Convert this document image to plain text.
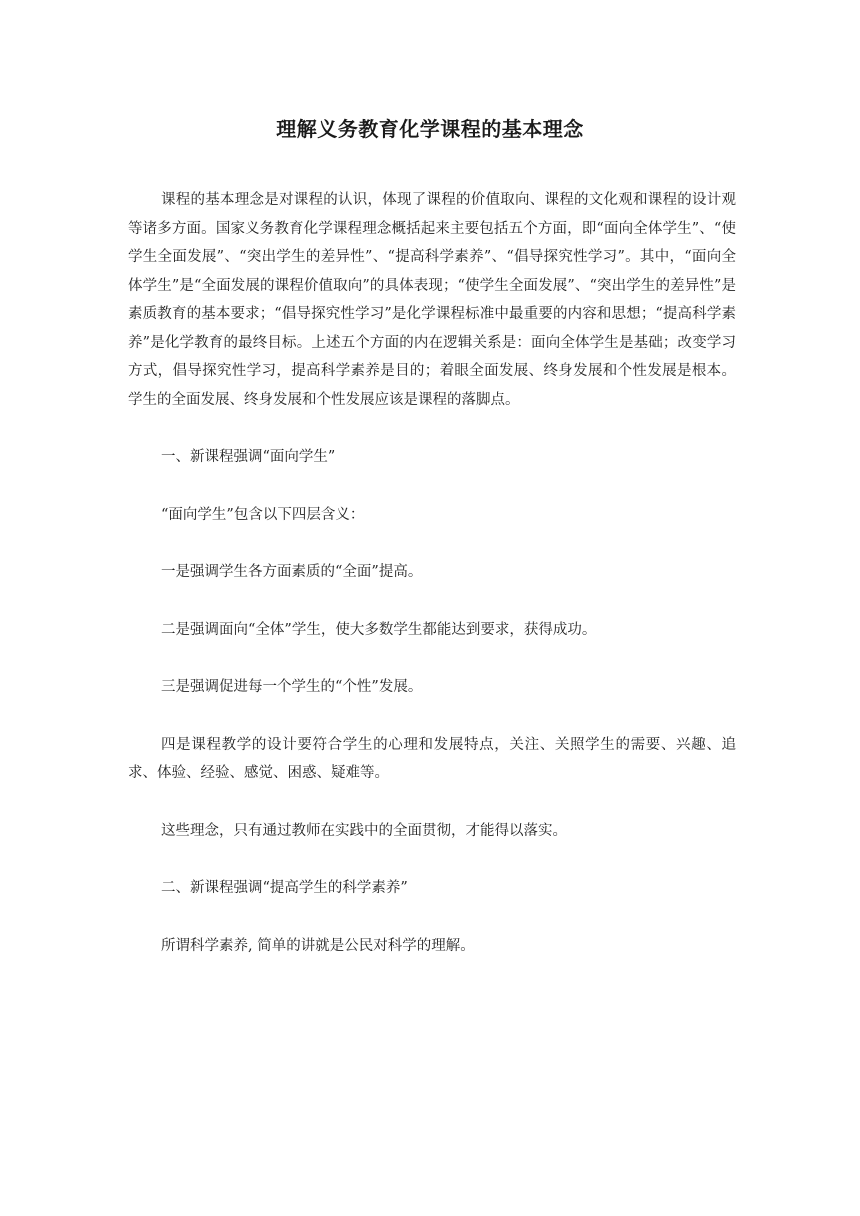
理解义务教育化学课程的基本理念

课程的基本理念是对课程的认识，体现了课程的价值取向、课程的文化观和课程的设计观等诸多方面。国家义务教育化学课程理念概括起来主要包括五个方面，即“面向全体学生”、“使学生全面发展”、“突出学生的差异性”、“提高科学素养”、“倡导探究性学习”。其中，“面向全体学生”是“全面发展的课程价值取向”的具体表现；“使学生全面发展”、“突出学生的差异性”是素质教育的基本要求；“倡导探究性学习”是化学课程标准中最重要的内容和思想；“提高科学素养”是化学教育的最终目标。上述五个方面的内在逻辑关系是：面向全体学生是基础；改变学习方式，倡导探究性学习，提高科学素养是目的；着眼全面发展、终身发展和个性发展是根本。学生的全面发展、终身发展和个性发展应该是课程的落脚点。

一、新课程强调“面向学生”

“面向学生”包含以下四层含义：

一是强调学生各方面素质的“全面”提高。

二是强调面向“全体”学生，使大多数学生都能达到要求，获得成功。

三是强调促进每一个学生的“个性”发展。

四是课程教学的设计要符合学生的心理和发展特点，关注、关照学生的需要、兴趣、追求、体验、经验、感觉、困惑、疑难等。

这些理念，只有通过教师在实践中的全面贯彻，才能得以落实。

二、新课程强调“提高学生的科学素养”

所谓科学素养, 简单的讲就是公民对科学的理解。
